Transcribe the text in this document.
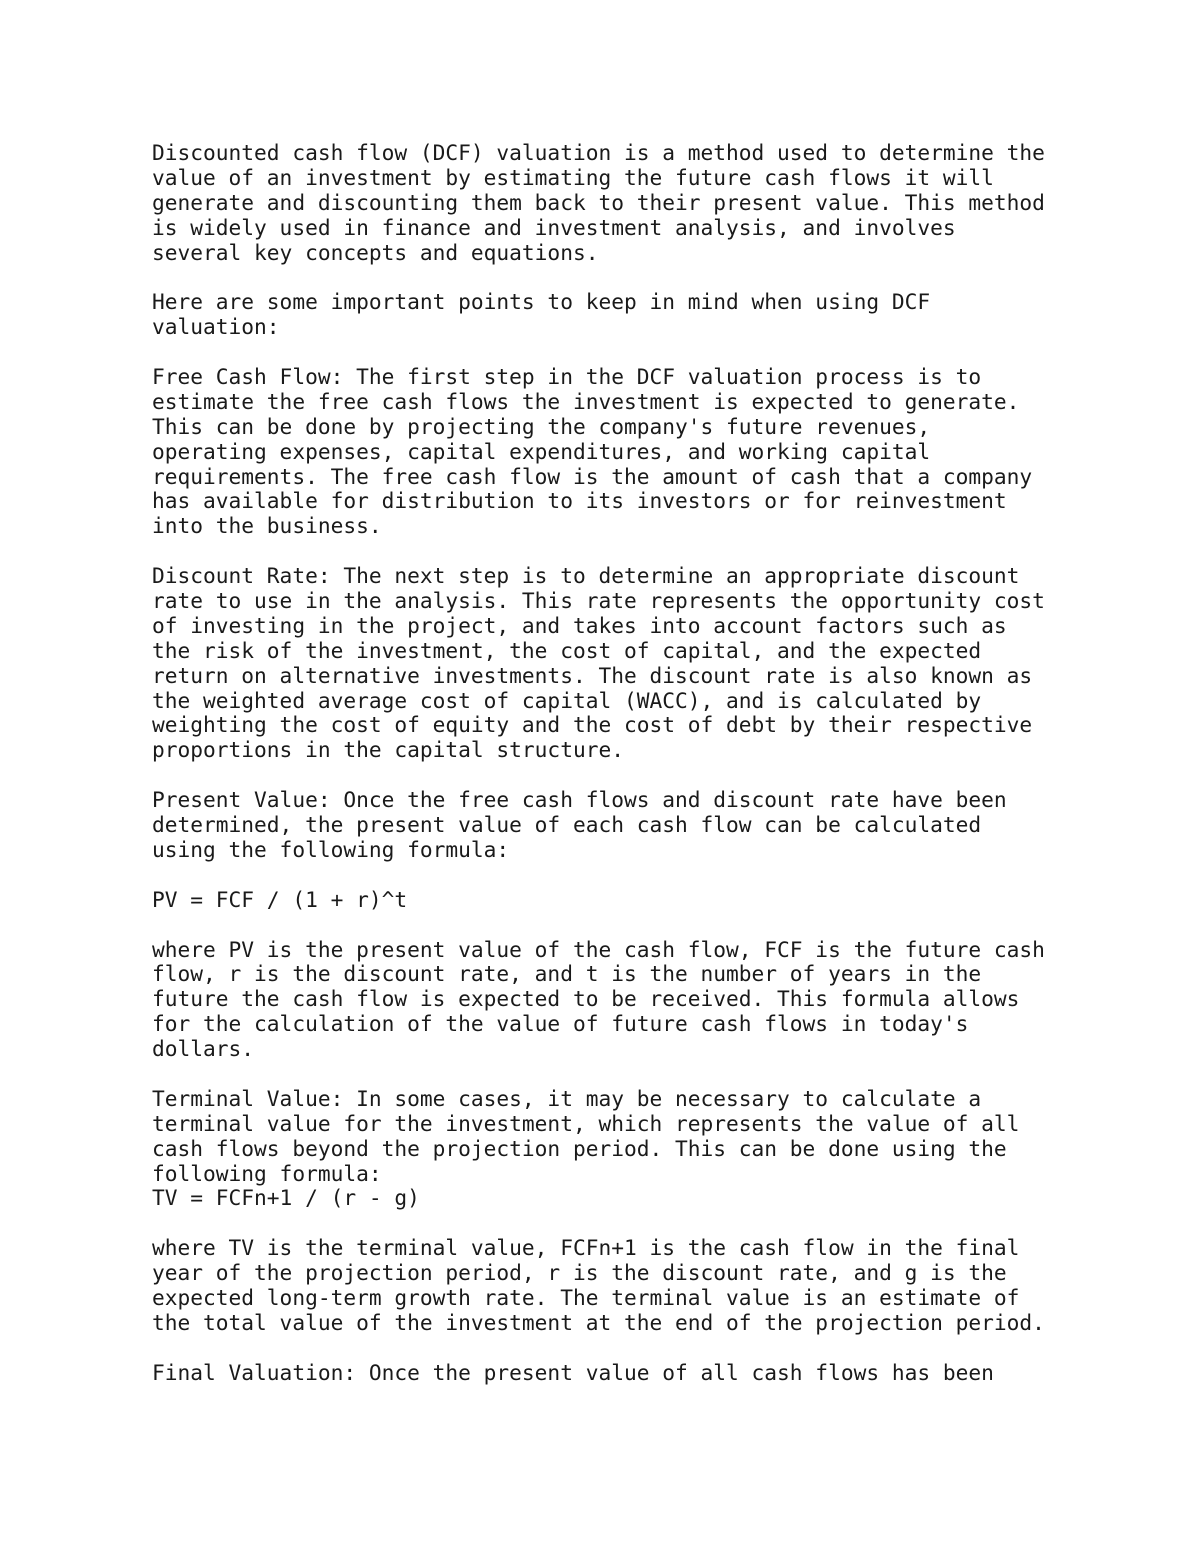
Discounted cash flow (DCF) valuation is a method used to determine the
value of an investment by estimating the future cash flows it will
generate and discounting them back to their present value. This method
is widely used in finance and investment analysis, and involves
several key concepts and equations.
Here are some important points to keep in mind when using DCF
valuation:
Free Cash Flow: The first step in the DCF valuation process is to
estimate the free cash flows the investment is expected to generate.
This can be done by projecting the company's future revenues,
operating expenses, capital expenditures, and working capital
requirements. The free cash flow is the amount of cash that a company
has available for distribution to its investors or for reinvestment
into the business.
Discount Rate: The next step is to determine an appropriate discount
rate to use in the analysis. This rate represents the opportunity cost
of investing in the project, and takes into account factors such as
the risk of the investment, the cost of capital, and the expected
return on alternative investments. The discount rate is also known as
the weighted average cost of capital (WACC), and is calculated by
weighting the cost of equity and the cost of debt by their respective
proportions in the capital structure.
Present Value: Once the free cash flows and discount rate have been
determined, the present value of each cash flow can be calculated
using the following formula:
PV = FCF / (1 + r)^t
where PV is the present value of the cash flow, FCF is the future cash
flow, r is the discount rate, and t is the number of years in the
future the cash flow is expected to be received. This formula allows
for the calculation of the value of future cash flows in today's
dollars.
Terminal Value: In some cases, it may be necessary to calculate a
terminal value for the investment, which represents the value of all
cash flows beyond the projection period. This can be done using the
following formula:
TV = FCFn+1 / (r - g)
where TV is the terminal value, FCFn+1 is the cash flow in the final
year of the projection period, r is the discount rate, and g is the
expected long-term growth rate. The terminal value is an estimate of
the total value of the investment at the end of the projection period.
Final Valuation: Once the present value of all cash flows has been
